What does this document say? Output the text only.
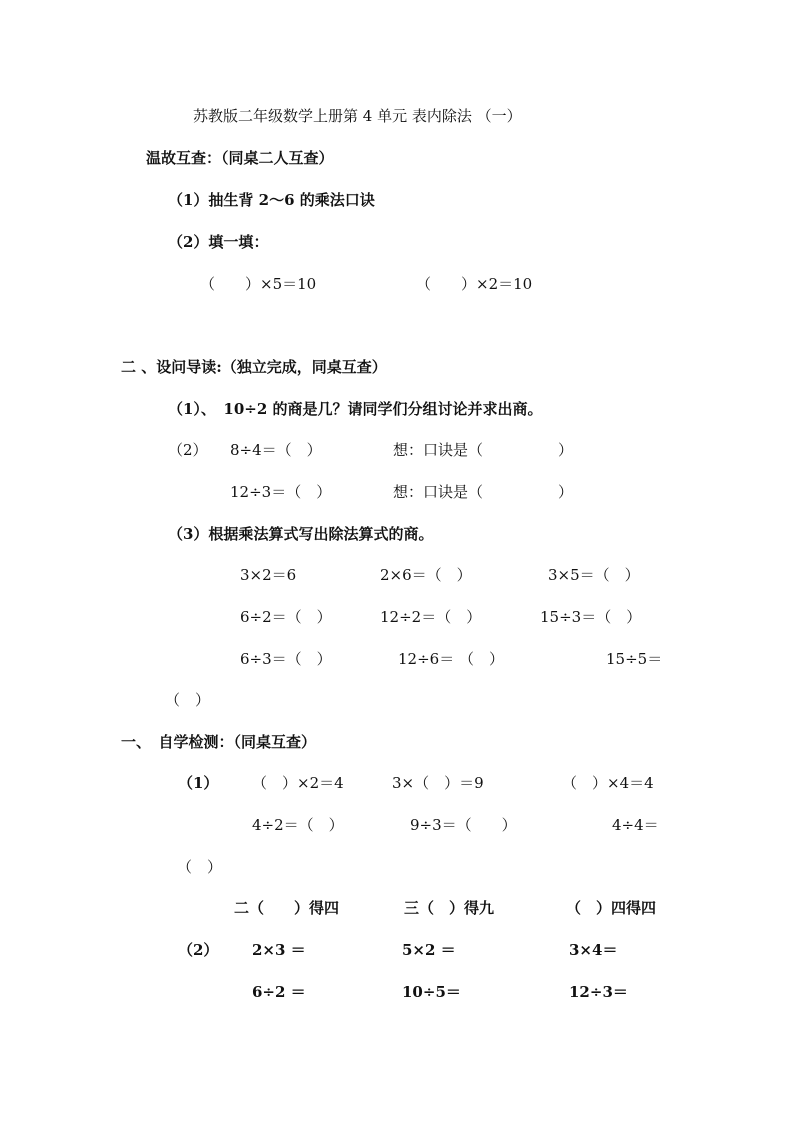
苏教版二年级数学上册第 4 单元 表内除法 （一）
温故互查：（同桌二人互查）
（1）抽生背 2～6 的乘法口诀
（2）填一填：
（　　）×5＝10	（　　）×2＝10
二 、设问导读:（独立完成，同桌互查）
（1）、　10÷2 的商是几？请同学们分组讨论并求出商。
（2） 8÷4＝（　）	想：口诀是（　　　　　）
12÷3＝（　）	想：口诀是（　　　　　）
（3）根据乘法算式写出除法算式的商。
3×2＝6	2×6＝（　）	3×5＝（　）
6÷2＝（　）	12÷2＝（　）	15÷3＝（　）
6÷3＝（　）	12÷6＝ （　）	15÷5＝
（　）
一、　自学检测：（同桌互查）
（1） （　）×2＝4	3×（　）＝9	（　）×4＝4
4÷2＝（　）	9÷3＝（　　）	4÷4＝
（　）
二（　　）得四	三（　）得九	（　）四得四
（2） 2×3 ＝	5×2 ＝	3×4＝
6÷2 ＝	10÷5＝	12÷3＝
